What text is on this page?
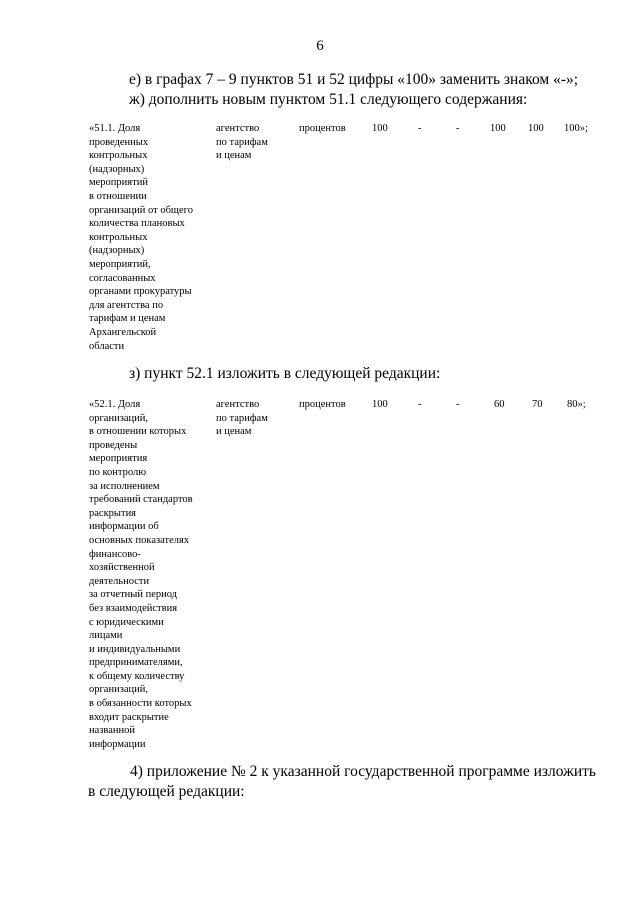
6
е) в графах 7 – 9 пунктов 51 и 52 цифры «100» заменить знаком «-»;
ж) дополнить новым пунктом 51.1 следующего содержания:
«51.1. Доля
проведенных
контрольных
(надзорных)
мероприятий
в отношении
организаций от общего
количества плановых
контрольных
(надзорных)
мероприятий,
согласованных
органами прокуратуры
для агентства по
тарифам и ценам
Архангельской
области
агентство
по тарифам
и ценам
процентов	100	-	-	100 100 100»;
з) пункт 52.1 изложить в следующей редакции:
«52.1. Доля
организаций,
в отношении которых
проведены
мероприятия
по контролю
за исполнением
требований стандартов
раскрытия
информации об
основных показателях
финансово-
хозяйственной
деятельности
за отчетный период
без взаимодействия
с юридическими
лицами
и индивидуальными
предпринимателями,
к общему количеству
организаций,
в обязанности которых
входит раскрытие
названной
информации
агентство
по тарифам
и ценам
процентов	100	-	-	60	70 80»;
4) приложение № 2 к указанной государственной программе изложить в следующей редакции:
